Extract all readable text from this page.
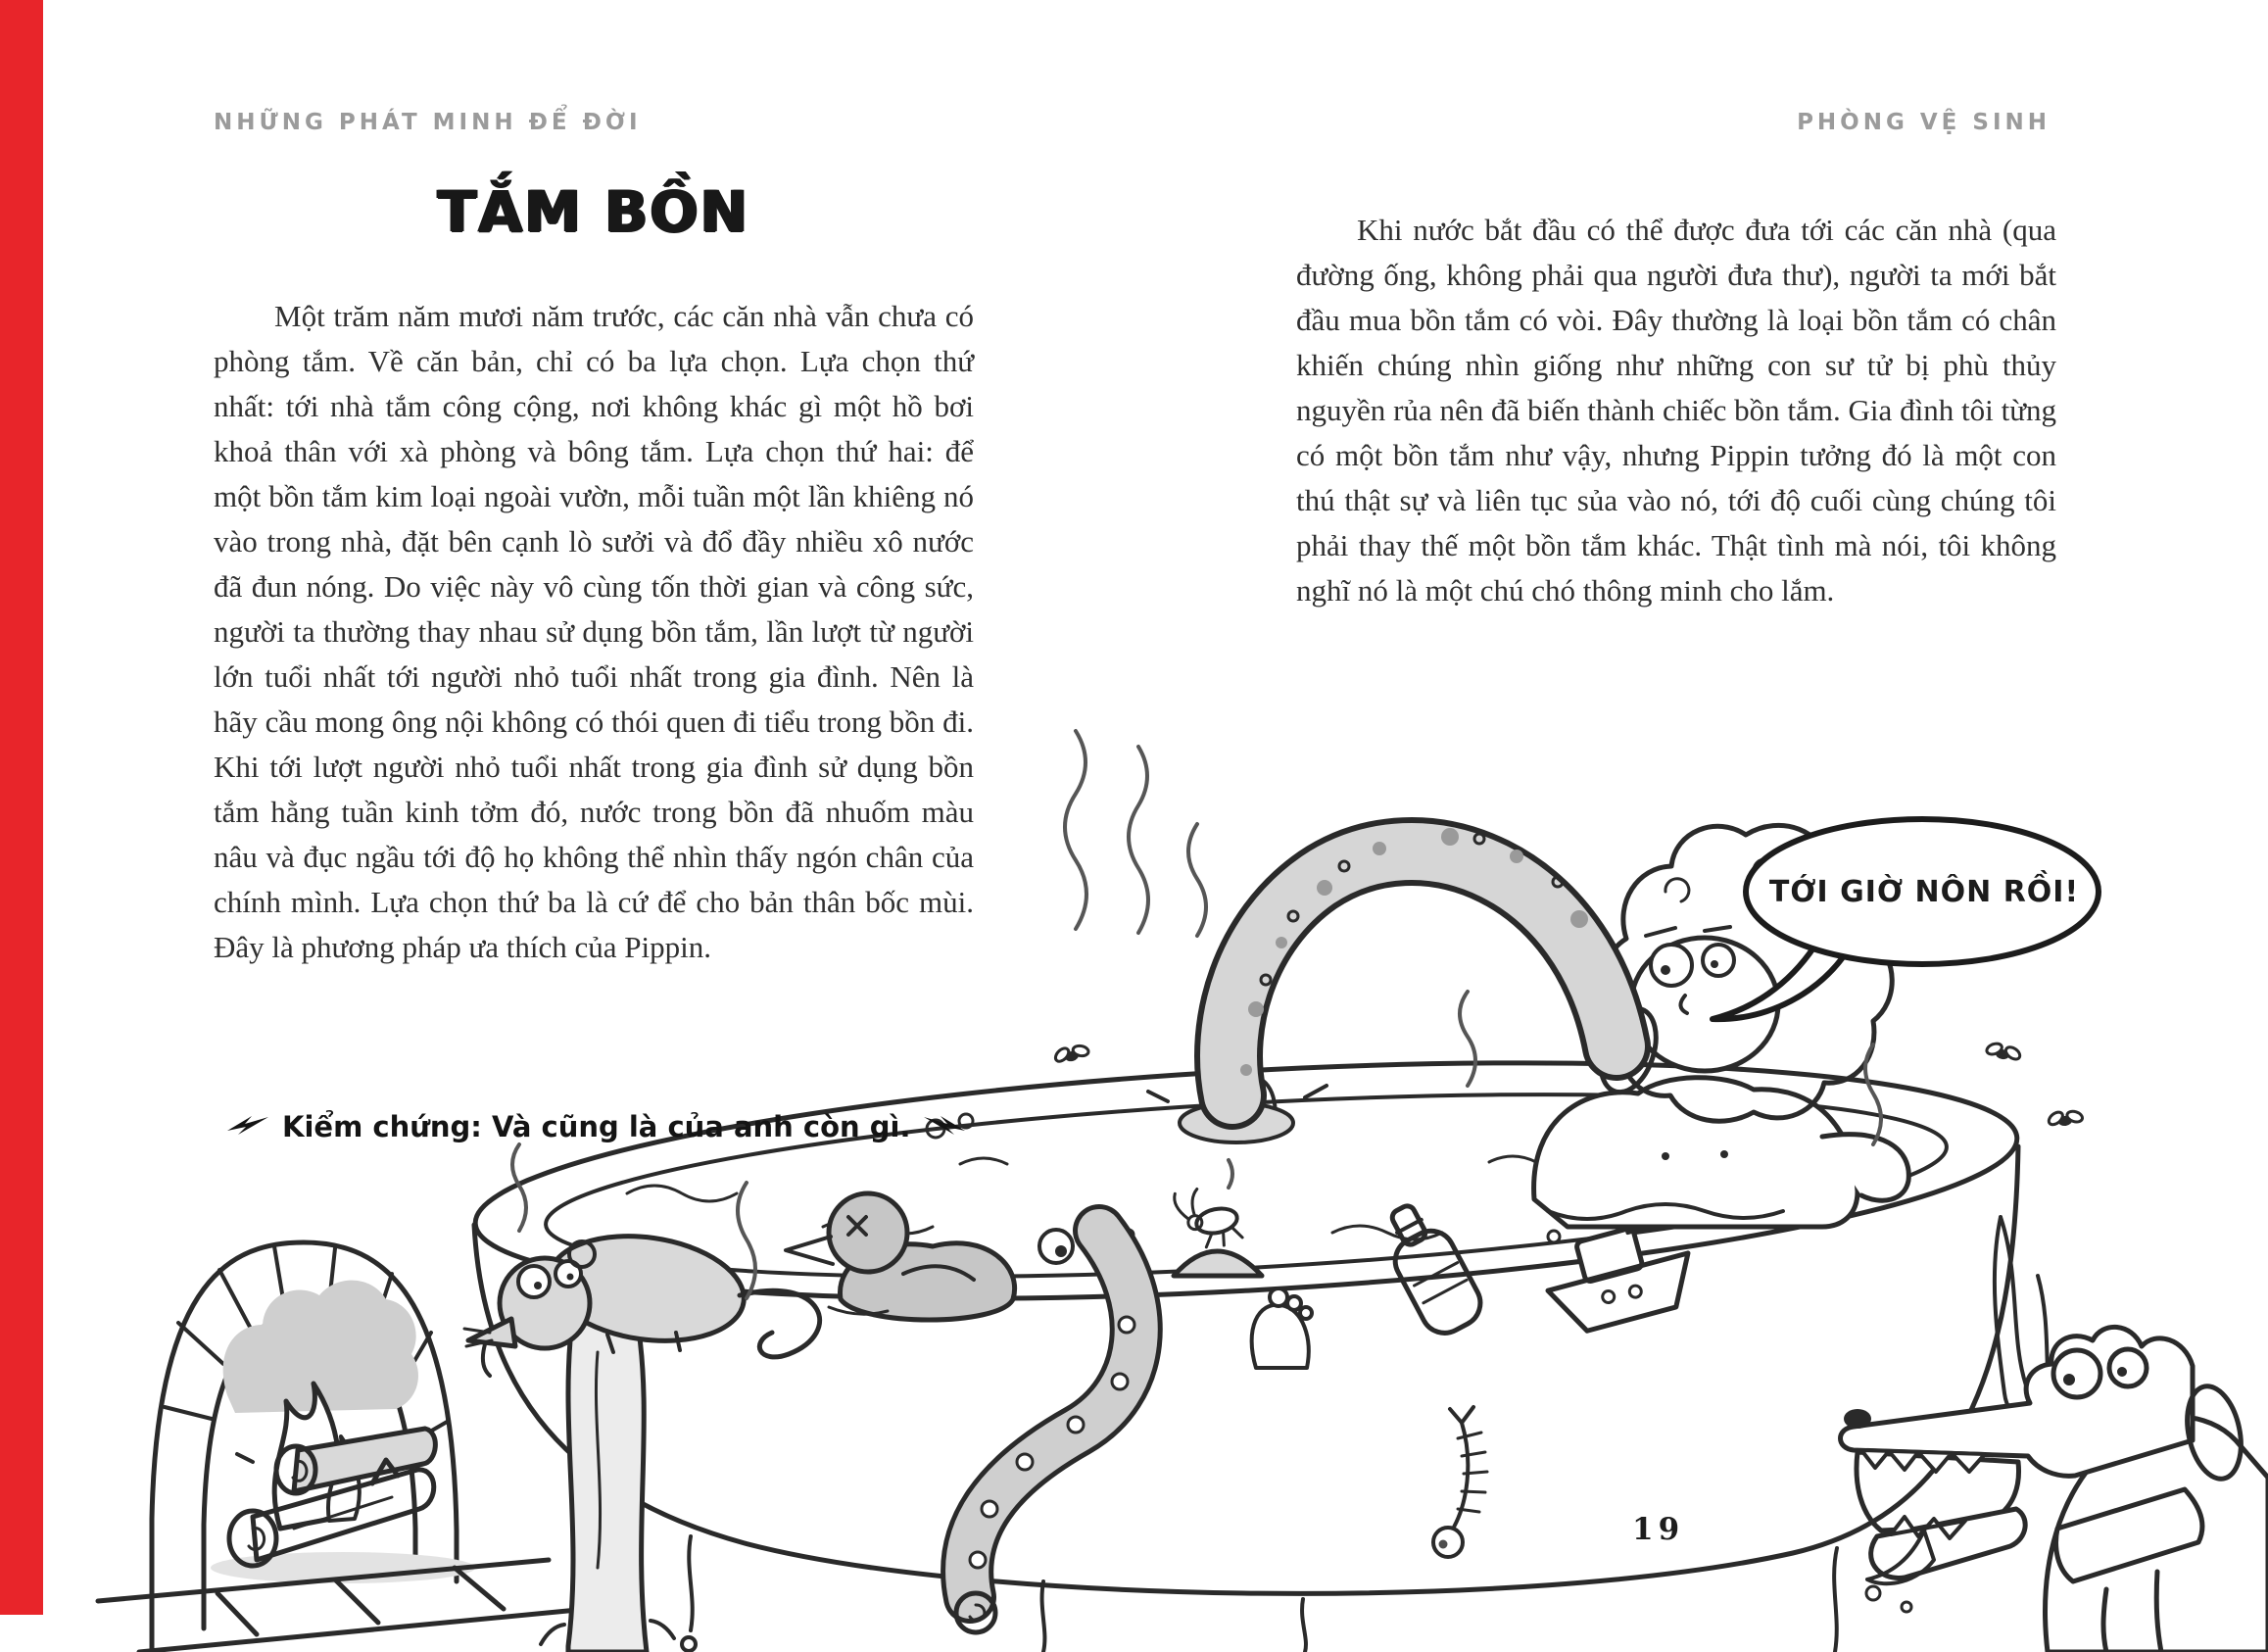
NHỮNG PHÁT MINH ĐỂ ĐỜI	PHÒNG VỆ SINH
TẮM BỒN

Một trăm năm mươi năm trước, các căn nhà vẫn chưa có phòng tắm. Về căn bản, chỉ có ba lựa chọn. Lựa chọn thứ nhất: tới nhà tắm công cộng, nơi không khác gì một hồ bơi khoả thân với xà phòng và bông tắm. Lựa chọn thứ hai: để một bồn tắm kim loại ngoài vườn, mỗi tuần một lần khiêng nó vào trong nhà, đặt bên cạnh lò sưởi và đổ đầy nhiều xô nước đã đun nóng. Do việc này vô cùng tốn thời gian và công sức, người ta thường thay nhau sử dụng bồn tắm, lần lượt từ người lớn tuổi nhất tới người nhỏ tuổi nhất trong gia đình. Nên là hãy cầu mong ông nội không có thói quen đi tiểu trong bồn đi. Khi tới lượt người nhỏ tuổi nhất trong gia đình sử dụng bồn tắm hằng tuần kinh tởm đó, nước trong bồn đã nhuốm màu nâu và đục ngầu tới độ họ không thể nhìn thấy ngón chân của chính mình. Lựa chọn thứ ba là cứ để cho bản thân bốc mùi. Đây là phương pháp ưa thích của Pippin.

Kiểm chứng: Và cũng là của anh còn gì.

Khi nước bắt đầu có thể được đưa tới các căn nhà (qua đường ống, không phải qua người đưa thư), người ta mới bắt đầu mua bồn tắm có vòi. Đây thường là loại bồn tắm có chân khiến chúng nhìn giống như những con sư tử bị phù thủy nguyền rủa nên đã biến thành chiếc bồn tắm. Gia đình tôi từng có một bồn tắm như vậy, nhưng Pippin tưởng đó là một con thú thật sự và liên tục sủa vào nó, tới độ cuối cùng chúng tôi phải thay thế một bồn tắm khác. Thật tình mà nói, tôi không nghĩ nó là một chú chó thông minh cho lắm.

TỚI GIỜ NÔN RỒI!
19
